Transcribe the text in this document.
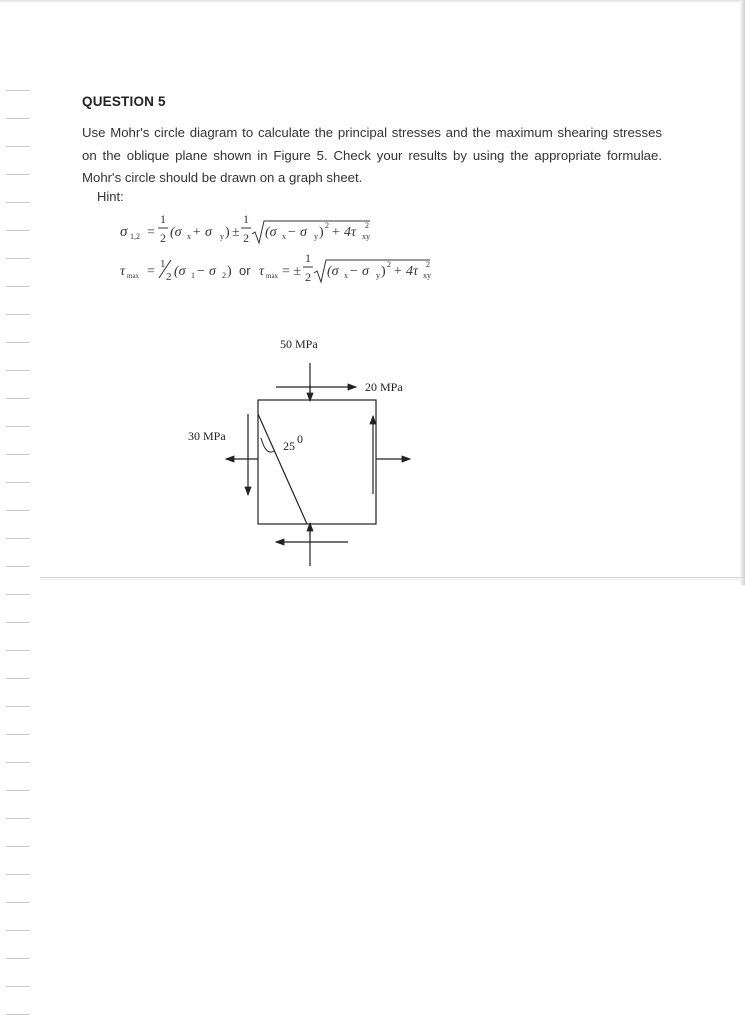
QUESTION 5
Use Mohr's circle diagram to calculate the principal stresses and the maximum shearing stresses on the oblique plane shown in Figure 5. Check your results by using the appropriate formulae. Mohr's circle should be drawn on a graph sheet.
Hint:
σ 1,2 =
1
2 (σ x + σ y ) ±
1
2 (σ x − σ y ) 2 + 4τ xy
2
τ max = 1
2 (σ 1 − σ 2 ) or τ max = ±
1
2 (σ x − σ y ) 2 + 4τ xy
2
50 MPa
20 MPa
30 MPa
25 0
